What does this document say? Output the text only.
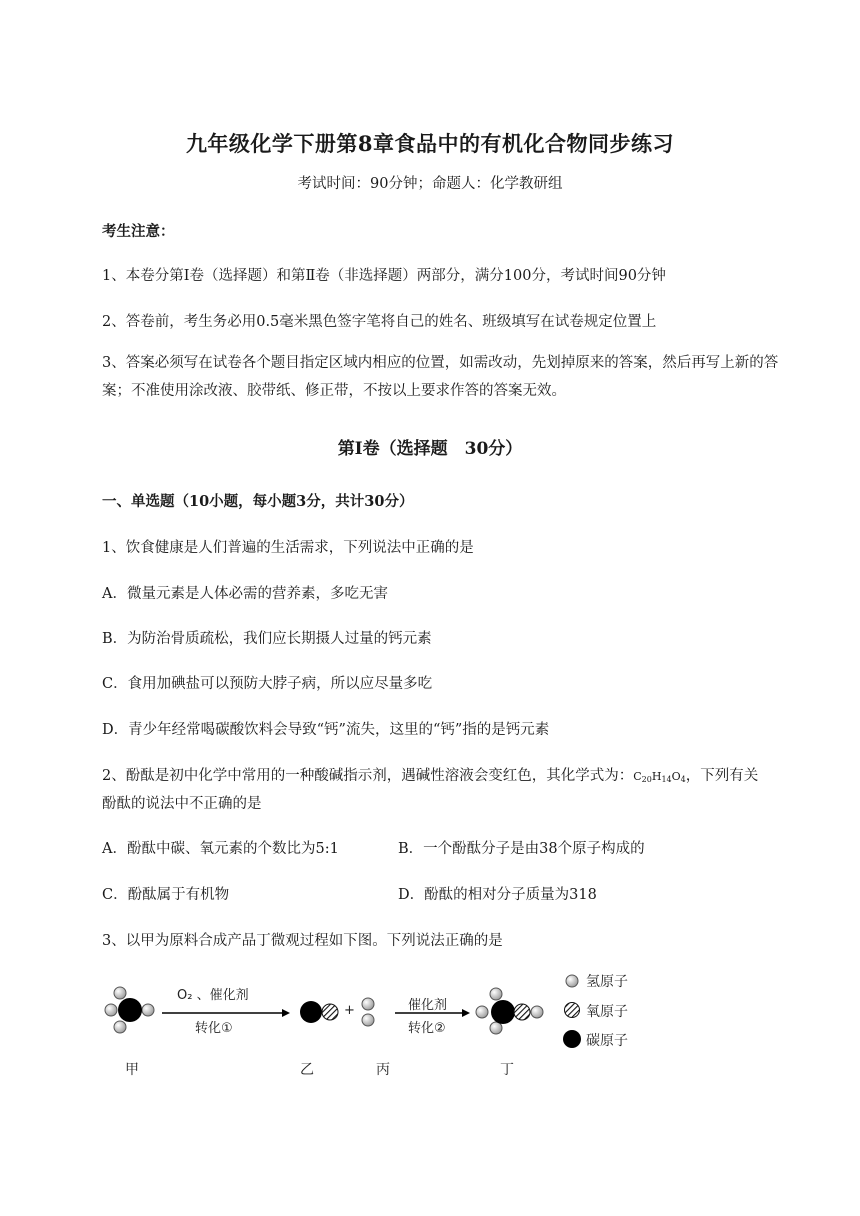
九年级化学下册第8章食品中的有机化合物同步练习
考试时间：90分钟；命题人：化学教研组
考生注意：
1、本卷分第Ⅰ卷（选择题）和第Ⅱ卷（非选择题）两部分，满分100分，考试时间90分钟
2、答卷前，考生务必用0.5毫米黑色签字笔将自己的姓名、班级填写在试卷规定位置上
3、答案必须写在试卷各个题目指定区域内相应的位置，如需改动，先划掉原来的答案，然后再写上新的答案；不准使用涂改液、胶带纸、修正带，不按以上要求作答的答案无效。
第Ⅰ卷（选择题　30分）
一、单选题（10小题，每小题3分，共计30分）
1、饮食健康是人们普遍的生活需求，下列说法中正确的是
A．微量元素是人体必需的营养素，多吃无害
B．为防治骨质疏松，我们应长期摄人过量的钙元素
C．食用加碘盐可以预防大脖子病，所以应尽量多吃
D．青少年经常喝碳酸饮料会导致“钙”流失，这里的“钙”指的是钙元素
2、酚酞是初中化学中常用的一种酸碱指示剂，遇碱性溶液会变红色，其化学式为：$C_{20}H_{14}O_4$，下列有关
酚酞的说法中不正确的是
A．酚酞中碳、氧元素的个数比为5:1	B．一个酚酞分子是由38个原子构成的
C．酚酞属于有机物	D．酚酞的相对分子质量为318
3、以甲为原料合成产品丁微观过程如下图。下列说法正确的是
O₂ 、催化剂
转化①
+	催化剂
转化②
氢原子
氧原子
碳原子
甲	乙	丙	丁
